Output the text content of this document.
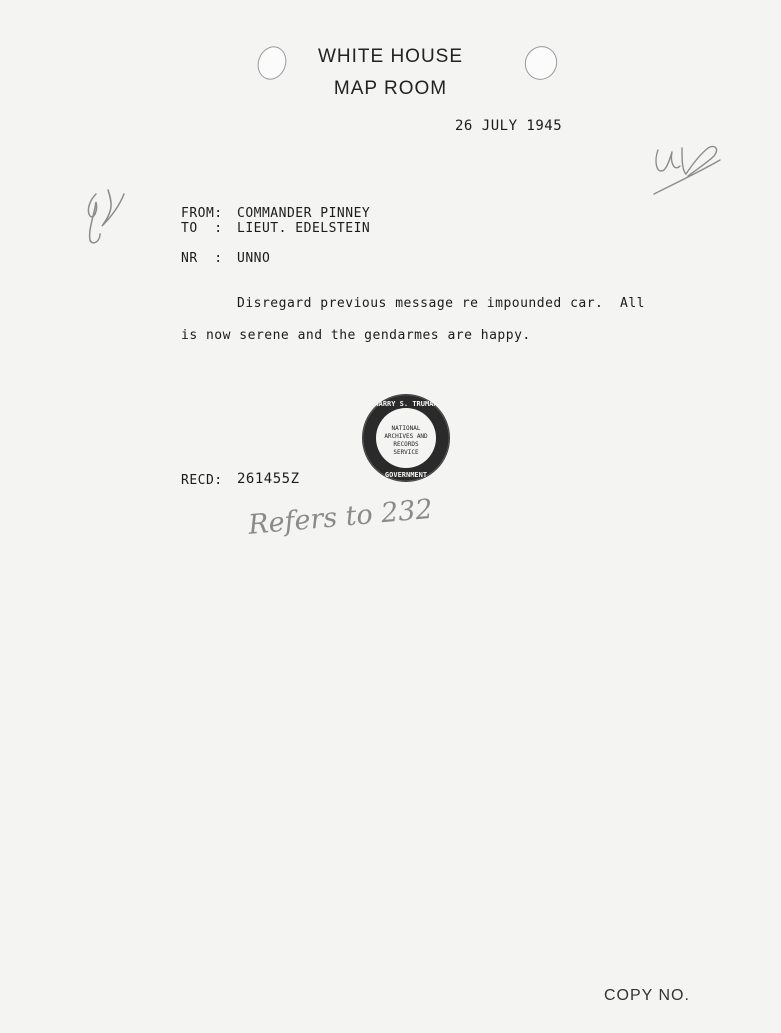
WHITE HOUSE
MAP ROOM
26 JULY 1945
FROM: COMMANDER PINNEY
TO  : LIEUT. EDELSTEIN
NR  : UNNO
Disregard previous message re impounded car.  All
is now serene and the gendarmes are happy.
NATIONAL
ARCHIVES AND
RECORDS
SERVICE
HARRY S. TRUMAN
GOVERNMENT
RECD: 261455Z
Refers to 232
COPY NO.
